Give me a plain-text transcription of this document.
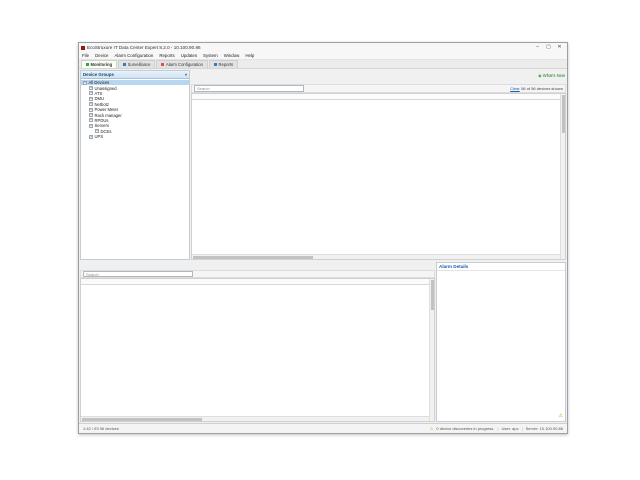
EcoStruxure IT Data Center Expert 8.2.0 - 10.100.90.86	–	▢	✕
File Device Alarm Configuration Reports Updates System Window Help
Monitoring	Surveillance	Alarm Configuration	Reports
Device Groups	▾
+ All Devices
+ Unassigned
+ ATS
+ DMU
+ Netbotz
+ Power Meter
+ Rack manager
+ RPDUs
+ Servers
+ DCEs
+ UPS
◉ What's New
Search
Clear 56 of 56 devices shown
Search
Alarm Details
⚠
1:42 / 93 96 devices	⚠ 0 device discoveries in progress. | User: apc | Server: 10.100.90.86
